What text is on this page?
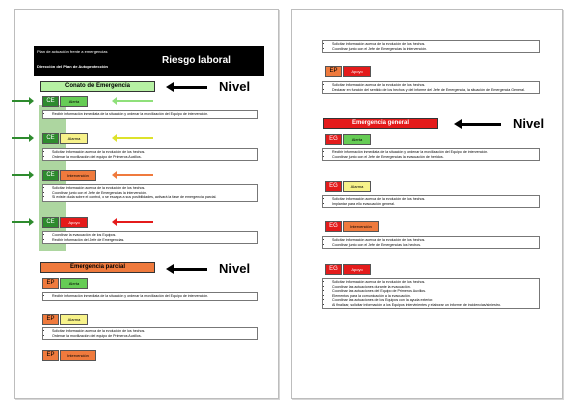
Plan de actuación frente a emergencias
Dirección del Plan de Autoprotección
Riesgo laboral
Conato de Emergencia	Nivel
CE	Alerta
• Recibir información inmediata de la situación y ordenar la movilización del Equipo de intervención.
CE	Alarma
• Solicitar información acerca de la evolución de los hechos.
• Ordenar la movilización del equipo de Primeros Auxilios.
CE	Intervención
• Solicitar información acerca de la evolución de los hechos.
• Coordinar junto con el Jefe de Emergencias la intervención.
• Si existe duda sobre el control, o se escapa a sus posibilidades, activará la fase de emergencia parcial.
CE	Apoyo
• Coordinar la evacuación de los Equipos.
• Recibir información del Jefe de Emergencias.
Emergencia parcial	Nivel
EP	Alerta
• Recibir información inmediata de la situación y ordenar la movilización del Equipo de intervención.
EP	Alarma
• Solicitar información acerca de la evolución de los hechos.
• Ordenar la movilización del equipo de Primeros Auxilios.
EP	Intervención
• Solicitar información acerca de la evolución de los hechos.
• Coordinar junto con el Jefe de Emergencias la intervención.
EP	Apoyo
• Solicitar información acerca de la evolución de los hechos.
• Declarar en función del sentido de los hechos y del informe del Jefe de Emergencia, la situación de Emergencia General.
Emergencia general	Nivel
EG	Alerta
• Recibir información inmediata de la situación y ordenar la movilización del Equipo de intervención.
• Coordinar junto con el Jefe de Emergencias la evacuación de heridos.
EG	Alarma
• Solicitar información acerca de la evolución de los hechos.
• Implantar para ello evacuación general.
EG	Intervención
• Solicitar información acerca de la evolución de los hechos.
• Coordinar junto con el Jefe de Emergencias los hechos.
EG	Apoyo
• Solicitar información acerca de la evolución de los hechos.
• Coordinar las actuaciones durante la evacuación.
• Coordinar las actuaciones del Equipo de Primeros Auxilios.
• Elementos para la comunicación a la evacuación.
• Coordinar las actuaciones de los Equipos con la ayuda exterior.
• Al finalizar, solicitar información a los Equipos intervinientes y elaborar un informe de incidencias/siniestro.
